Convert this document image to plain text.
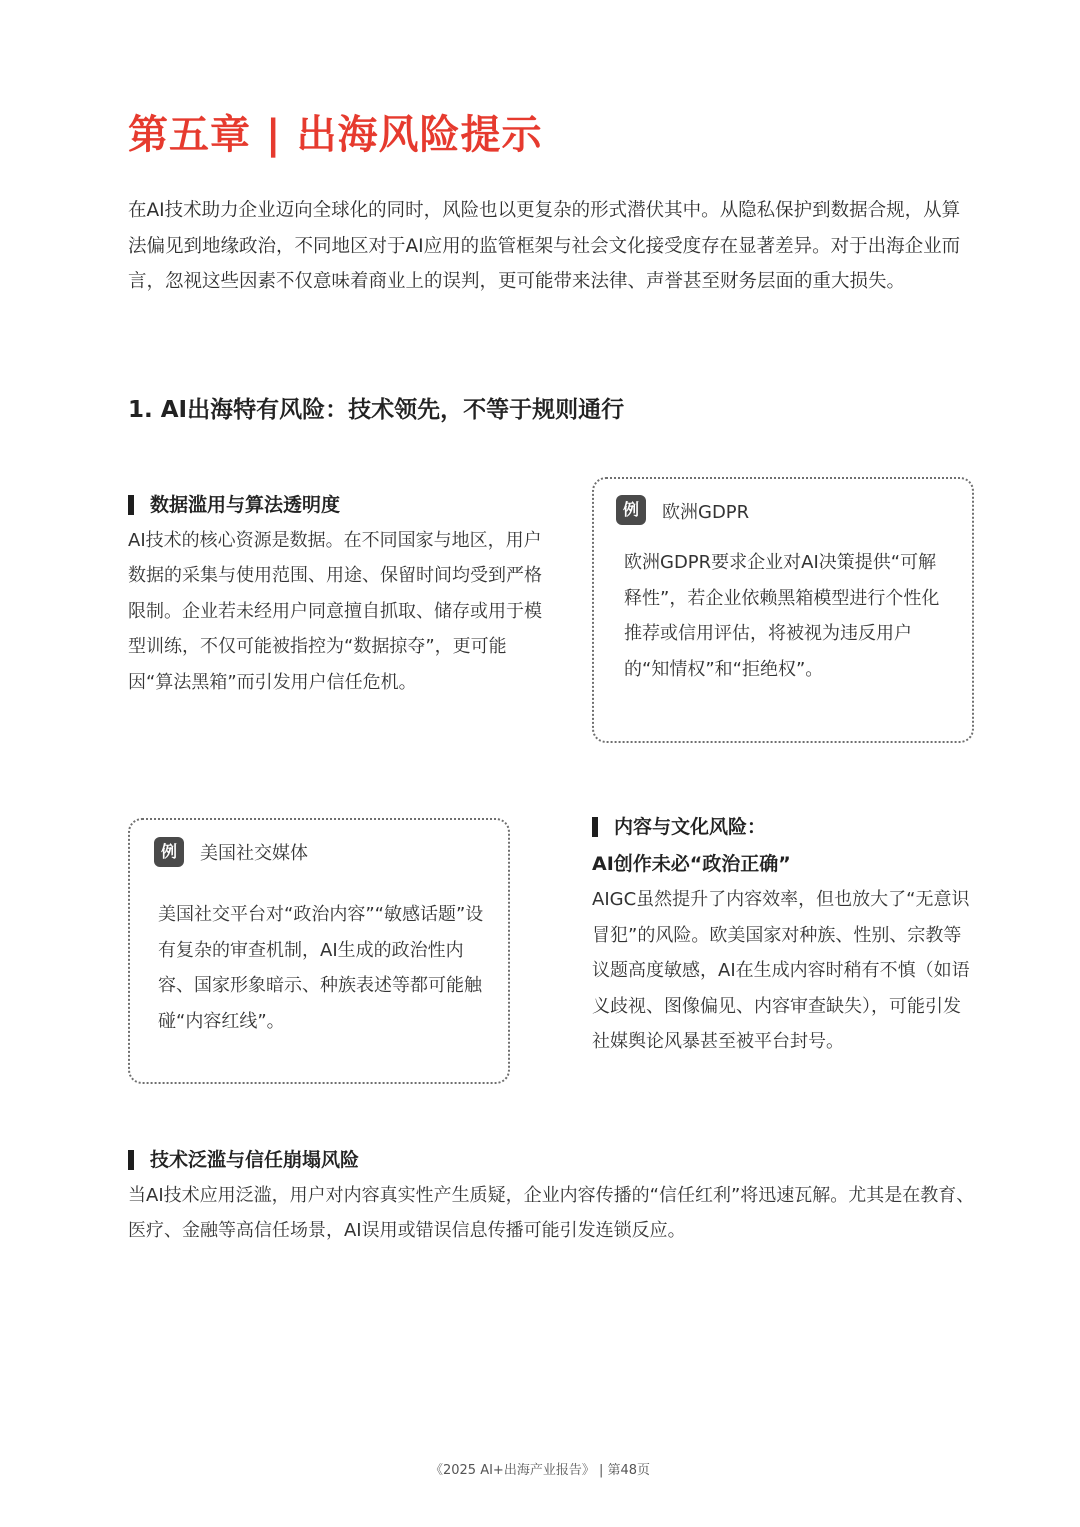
第五章 | 出海风险提示

在AI技术助力企业迈向全球化的同时，风险也以更复杂的形式潜伏其中。从隐私保护到数据合规，从算法偏见到地缘政治，不同地区对于AI应用的监管框架与社会文化接受度存在显著差异。对于出海企业而言，忽视这些因素不仅意味着商业上的误判，更可能带来法律、声誉甚至财务层面的重大损失。

1. AI出海特有风险：技术领先，不等于规则通行
数据滥用与算法透明度

AI技术的核心资源是数据。在不同国家与地区，用户数据的采集与使用范围、用途、保留时间均受到严格限制。企业若未经用户同意擅自抓取、储存或用于模型训练，不仅可能被指控为“数据掠夺”，更可能因“算法黑箱”而引发用户信任危机。

例	欧洲GDPR

欧洲GDPR要求企业对AI决策提供“可解释性”，若企业依赖黑箱模型进行个性化推荐或信用评估，将被视为违反用户的“知情权”和“拒绝权”。

例	美国社交媒体

美国社交平台对“政治内容”“敏感话题”设有复杂的审查机制，AI生成的政治性内容、国家形象暗示、种族表述等都可能触碰“内容红线”。

内容与文化风险：

AI创作未必“政治正确”

AIGC虽然提升了内容效率，但也放大了“无意识冒犯”的风险。欧美国家对种族、性别、宗教等议题高度敏感，AI在生成内容时稍有不慎（如语义歧视、图像偏见、内容审查缺失），可能引发社媒舆论风暴甚至被平台封号。

技术泛滥与信任崩塌风险

当AI技术应用泛滥，用户对内容真实性产生质疑，企业内容传播的“信任红利”将迅速瓦解。尤其是在教育、医疗、金融等高信任场景，AI误用或错误信息传播可能引发连锁反应。

《2025 AI+出海产业报告》 | 第48页
